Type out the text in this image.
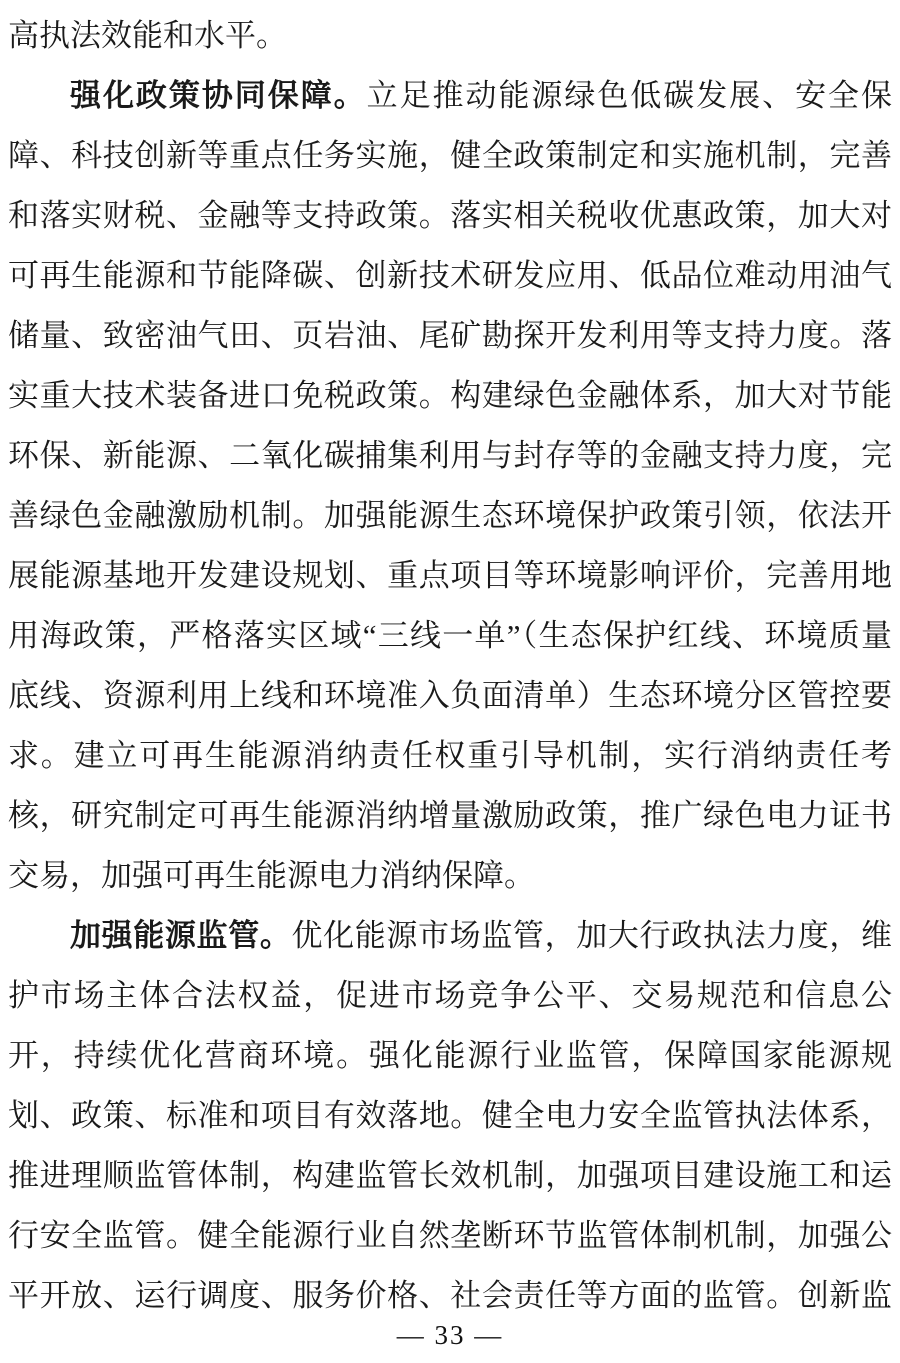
高执法效能和水平。
强化政策协同保障。立足推动能源绿色低碳发展、安全保
障、科技创新等重点任务实施，健全政策制定和实施机制，完善
和落实财税、金融等支持政策。落实相关税收优惠政策，加大对
可再生能源和节能降碳、创新技术研发应用、低品位难动用油气
储量、致密油气田、页岩油、尾矿勘探开发利用等支持力度。落
实重大技术装备进口免税政策。构建绿色金融体系，加大对节能
环保、新能源、二氧化碳捕集利用与封存等的金融支持力度，完
善绿色金融激励机制。加强能源生态环境保护政策引领，依法开
展能源基地开发建设规划、重点项目等环境影响评价，完善用地
用海政策，严格落实区域“三线一单”（生态保护红线、环境质量
底线、资源利用上线和环境准入负面清单）生态环境分区管控要
求。建立可再生能源消纳责任权重引导机制，实行消纳责任考
核，研究制定可再生能源消纳增量激励政策，推广绿色电力证书
交易，加强可再生能源电力消纳保障。
加强能源监管。优化能源市场监管，加大行政执法力度，维
护市场主体合法权益，促进市场竞争公平、交易规范和信息公
开，持续优化营商环境。强化能源行业监管，保障国家能源规
划、政策、标准和项目有效落地。健全电力安全监管执法体系，
推进理顺监管体制，构建监管长效机制，加强项目建设施工和运
行安全监管。健全能源行业自然垄断环节监管体制机制，加强公
平开放、运行调度、服务价格、社会责任等方面的监管。创新监
— 33 —
